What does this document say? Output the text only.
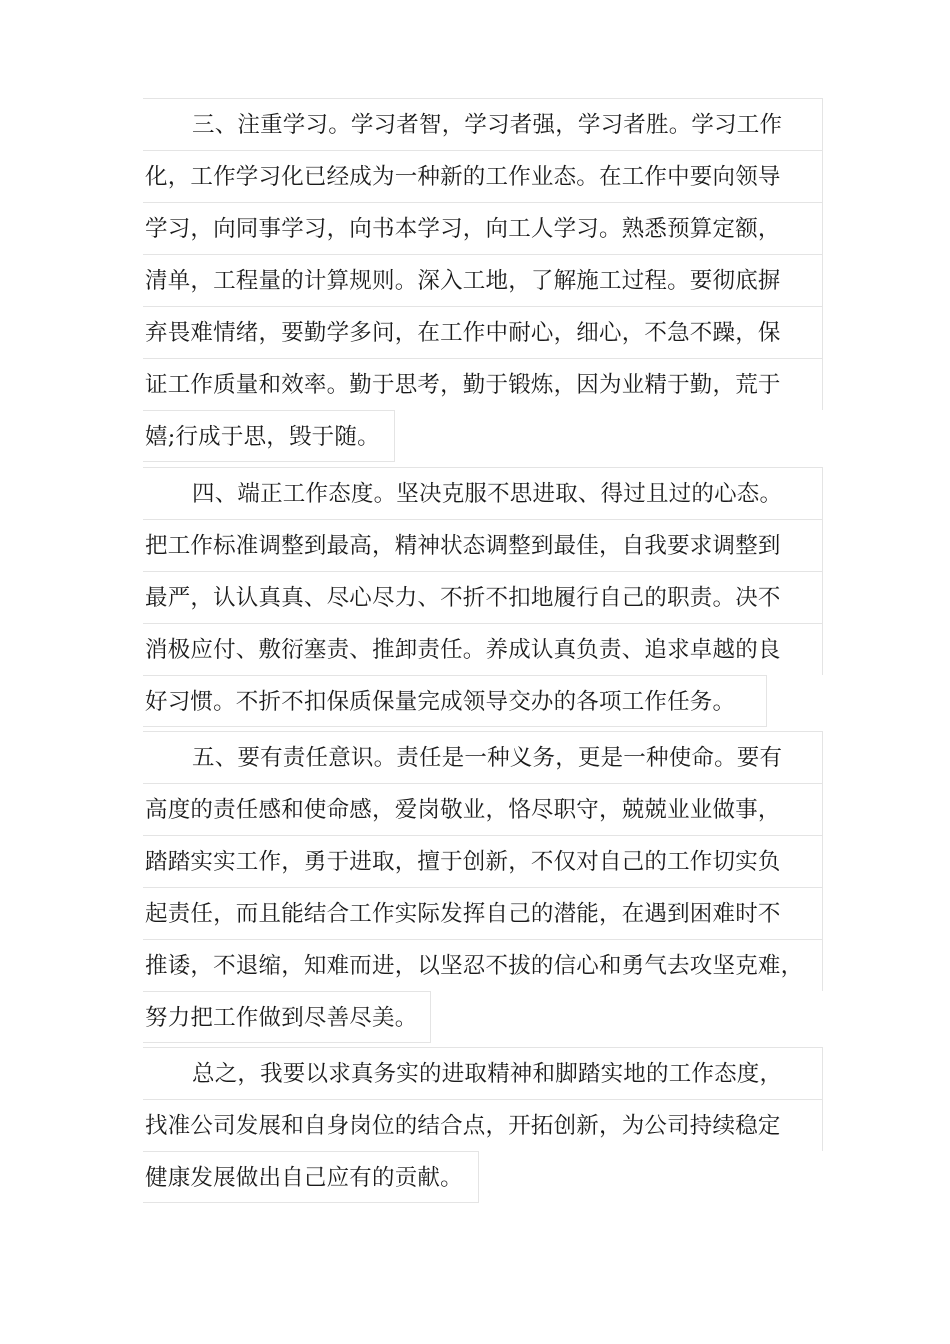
三、注重学习。学习者智，学习者强，学习者胜。学习工作
化，工作学习化已经成为一种新的工作业态。在工作中要向领导
学习，向同事学习，向书本学习，向工人学习。熟悉预算定额，
清单，工程量的计算规则。深入工地，了解施工过程。要彻底摒
弃畏难情绪，要勤学多问，在工作中耐心，细心，不急不躁，保
证工作质量和效率。勤于思考，勤于锻炼，因为业精于勤，荒于
嬉;行成于思，毁于随。
四、端正工作态度。坚决克服不思进取、得过且过的心态。
把工作标准调整到最高，精神状态调整到最佳，自我要求调整到
最严，认认真真、尽心尽力、不折不扣地履行自己的职责。决不
消极应付、敷衍塞责、推卸责任。养成认真负责、追求卓越的良
好习惯。不折不扣保质保量完成领导交办的各项工作任务。
五、要有责任意识。责任是一种义务，更是一种使命。要有
高度的责任感和使命感，爱岗敬业，恪尽职守，兢兢业业做事，
踏踏实实工作，勇于进取，擅于创新，不仅对自己的工作切实负
起责任，而且能结合工作实际发挥自己的潜能，在遇到困难时不
推诿，不退缩，知难而进，以坚忍不拔的信心和勇气去攻坚克难，
努力把工作做到尽善尽美。
总之，我要以求真务实的进取精神和脚踏实地的工作态度，
找准公司发展和自身岗位的结合点，开拓创新，为公司持续稳定
健康发展做出自己应有的贡献。
